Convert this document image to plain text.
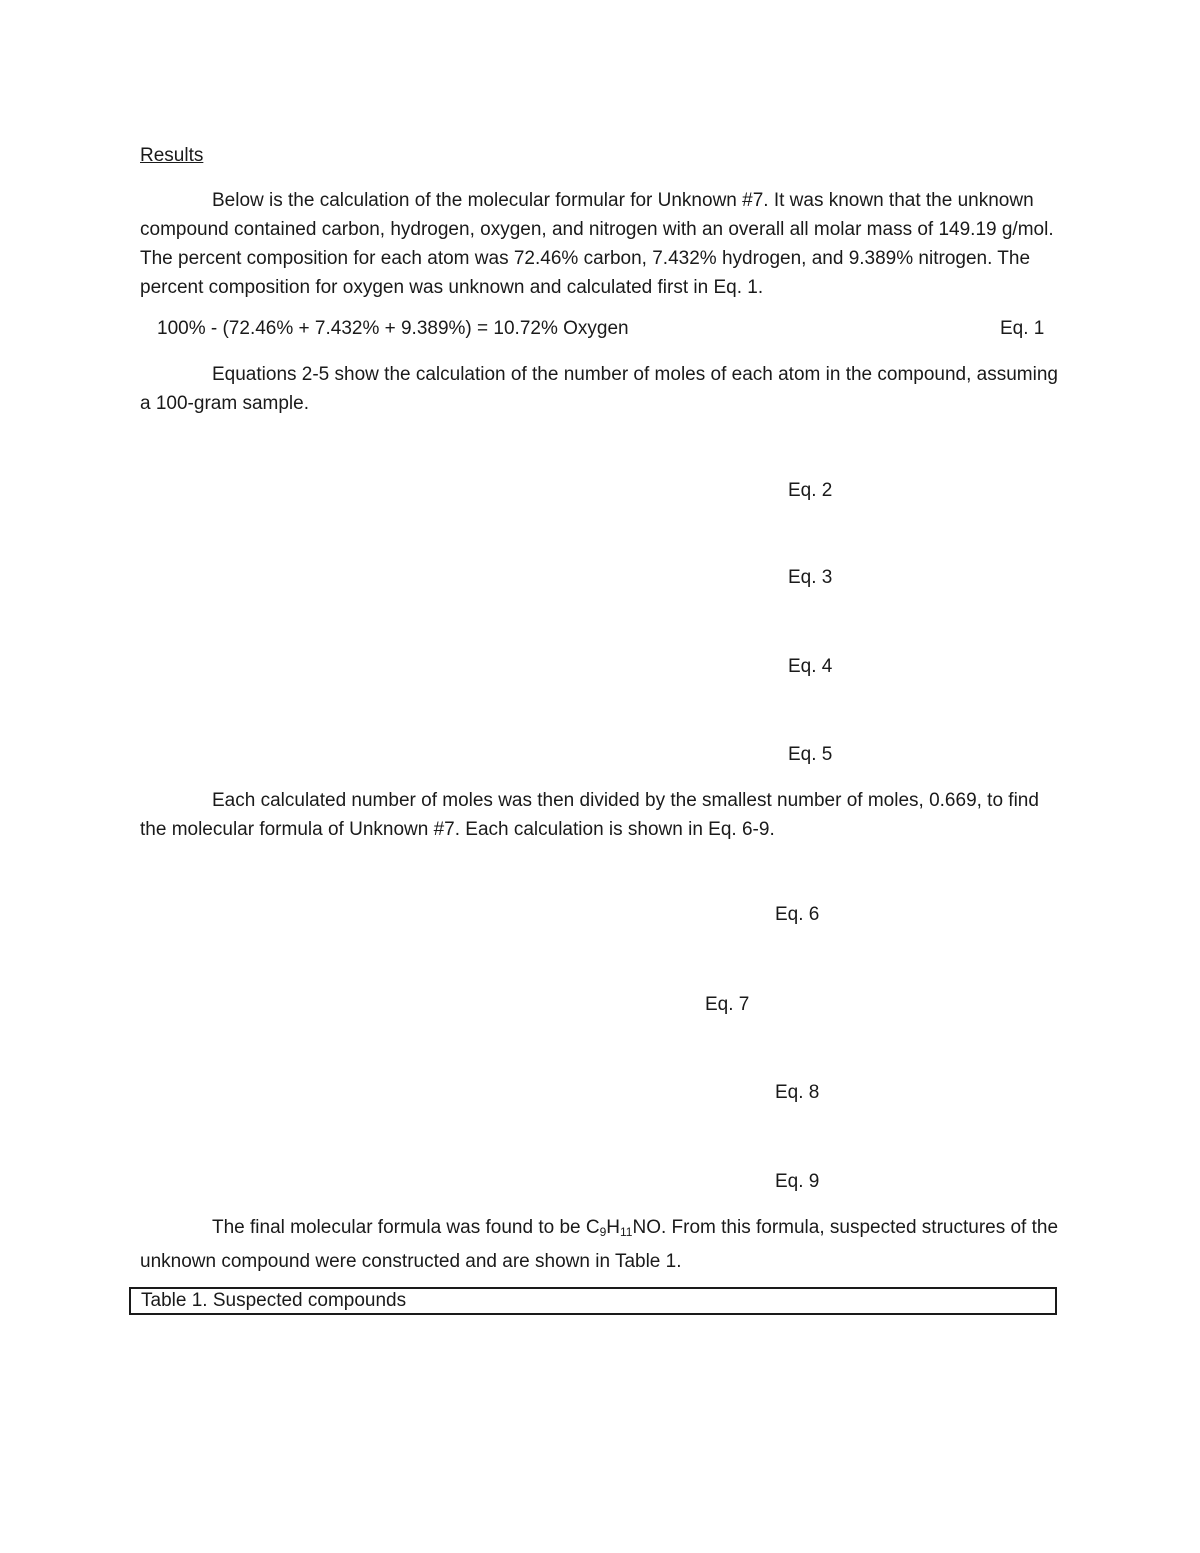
Results
Below is the calculation of the molecular formular for Unknown #7. It was known that the unknown compound contained carbon, hydrogen, oxygen, and nitrogen with an overall all molar mass of 149.19 g/mol. The percent composition for each atom was 72.46% carbon, 7.432% hydrogen, and 9.389% nitrogen. The percent composition for oxygen was unknown and calculated first in Eq. 1.
100% - (72.46% + 7.432% + 9.389%) = 10.72% Oxygen	Eq. 1
Equations 2-5 show the calculation of the number of moles of each atom in the compound, assuming a 100-gram sample.
Eq. 2
Eq. 3
Eq. 4
Eq. 5
Each calculated number of moles was then divided by the smallest number of moles, 0.669, to find the molecular formula of Unknown #7. Each calculation is shown in Eq. 6-9.
Eq. 6
Eq. 7
Eq. 8
Eq. 9
The final molecular formula was found to be $C_9H_{11}NO$. From this formula, suspected structures of the unknown compound were constructed and are shown in Table 1.
Table 1. Suspected compounds
